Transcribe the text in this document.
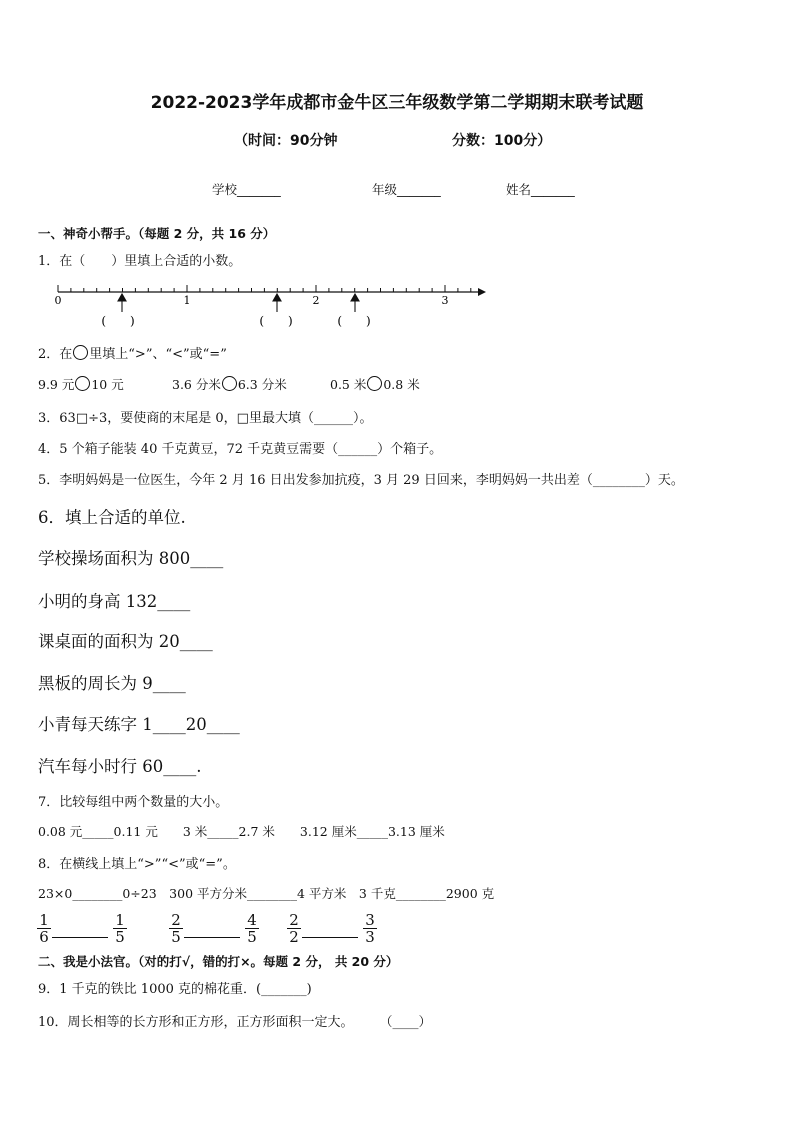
2022-2023学年成都市金牛区三年级数学第二学期期末联考试题
（时间：90分钟	分数：100分）
学校_______	年级_______	姓名_______
一、神奇小帮手。（每题 2 分，共 16 分）
1．在（　　）里填上合适的小数。
0	1	2	3
(　　)	(　　)	(　　)
2．在 里填上“>”、“<”或“=”
9.9 元 10 元	3.6 分米 6.3 分米	0.5 米 0.8 米
3．63□÷3，要使商的末尾是 0，□里最大填（______）。
4．5 个箱子能装 40 千克黄豆，72 千克黄豆需要（______）个箱子。
5．李明妈妈是一位医生，今年 2 月 16 日出发参加抗疫，3 月 29 日回来，李明妈妈一共出差（________）天。
6．填上合适的单位.
学校操场面积为 800____
小明的身高 132____
课桌面的面积为 20____
黑板的周长为 9____
小青每天练字 1____20____
汽车每小时行 60____.
7．比较每组中两个数量的大小。
0.08 元_____0.11 元　　3 米_____2.7 米　　3.12 厘米_____3.13 厘米
8．在横线上填上“>”“<”或“=”。
23×0________0÷23　300 平方分米________4 平方米　3 千克________2900 克
$\frac{1}{6}$	$\frac{1}{5}$	$\frac{2}{5}$	$\frac{4}{5} \frac{2}{2}$	$\frac{3}{3}$
二、我是小法官。（对的打√，错的打×。每题 2 分， 共 20 分）
9．1 千克的铁比 1000 克的棉花重．(_______)
10．周长相等的长方形和正方形，正方形面积一定大。　　　（____）
